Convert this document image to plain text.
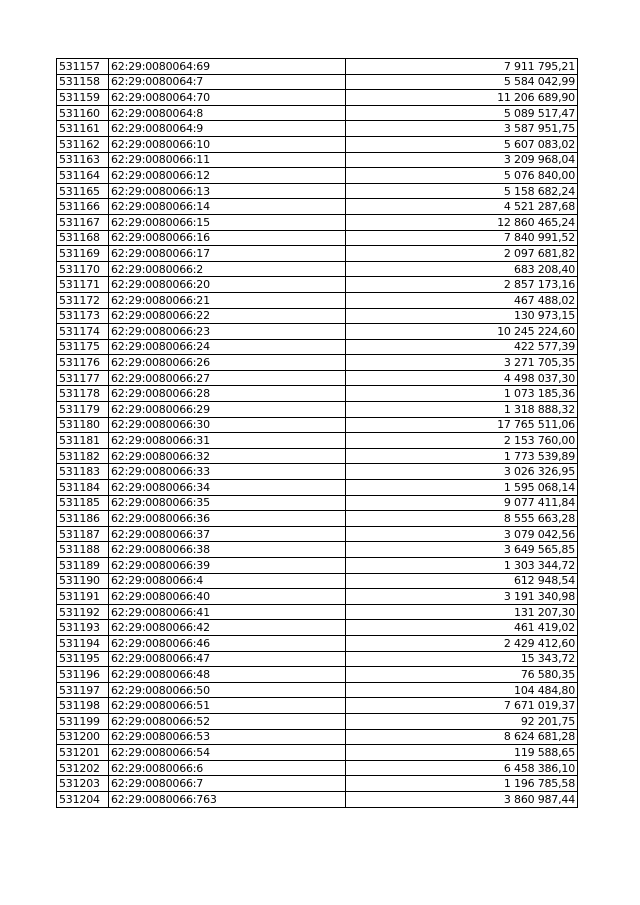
531157	62:29:0080064:69	7 911 795,21
531158	62:29:0080064:7	5 584 042,99
531159	62:29:0080064:70	11 206 689,90
531160	62:29:0080064:8	5 089 517,47
531161	62:29:0080064:9	3 587 951,75
531162	62:29:0080066:10	5 607 083,02
531163	62:29:0080066:11	3 209 968,04
531164	62:29:0080066:12	5 076 840,00
531165	62:29:0080066:13	5 158 682,24
531166	62:29:0080066:14	4 521 287,68
531167	62:29:0080066:15	12 860 465,24
531168	62:29:0080066:16	7 840 991,52
531169	62:29:0080066:17	2 097 681,82
531170	62:29:0080066:2	683 208,40
531171	62:29:0080066:20	2 857 173,16
531172	62:29:0080066:21	467 488,02
531173	62:29:0080066:22	130 973,15
531174	62:29:0080066:23	10 245 224,60
531175	62:29:0080066:24	422 577,39
531176	62:29:0080066:26	3 271 705,35
531177	62:29:0080066:27	4 498 037,30
531178	62:29:0080066:28	1 073 185,36
531179	62:29:0080066:29	1 318 888,32
531180	62:29:0080066:30	17 765 511,06
531181	62:29:0080066:31	2 153 760,00
531182	62:29:0080066:32	1 773 539,89
531183	62:29:0080066:33	3 026 326,95
531184	62:29:0080066:34	1 595 068,14
531185	62:29:0080066:35	9 077 411,84
531186	62:29:0080066:36	8 555 663,28
531187	62:29:0080066:37	3 079 042,56
531188	62:29:0080066:38	3 649 565,85
531189	62:29:0080066:39	1 303 344,72
531190	62:29:0080066:4	612 948,54
531191	62:29:0080066:40	3 191 340,98
531192	62:29:0080066:41	131 207,30
531193	62:29:0080066:42	461 419,02
531194	62:29:0080066:46	2 429 412,60
531195	62:29:0080066:47	15 343,72
531196	62:29:0080066:48	76 580,35
531197	62:29:0080066:50	104 484,80
531198	62:29:0080066:51	7 671 019,37
531199	62:29:0080066:52	92 201,75
531200	62:29:0080066:53	8 624 681,28
531201	62:29:0080066:54	119 588,65
531202	62:29:0080066:6	6 458 386,10
531203	62:29:0080066:7	1 196 785,58
531204	62:29:0080066:763	3 860 987,44
